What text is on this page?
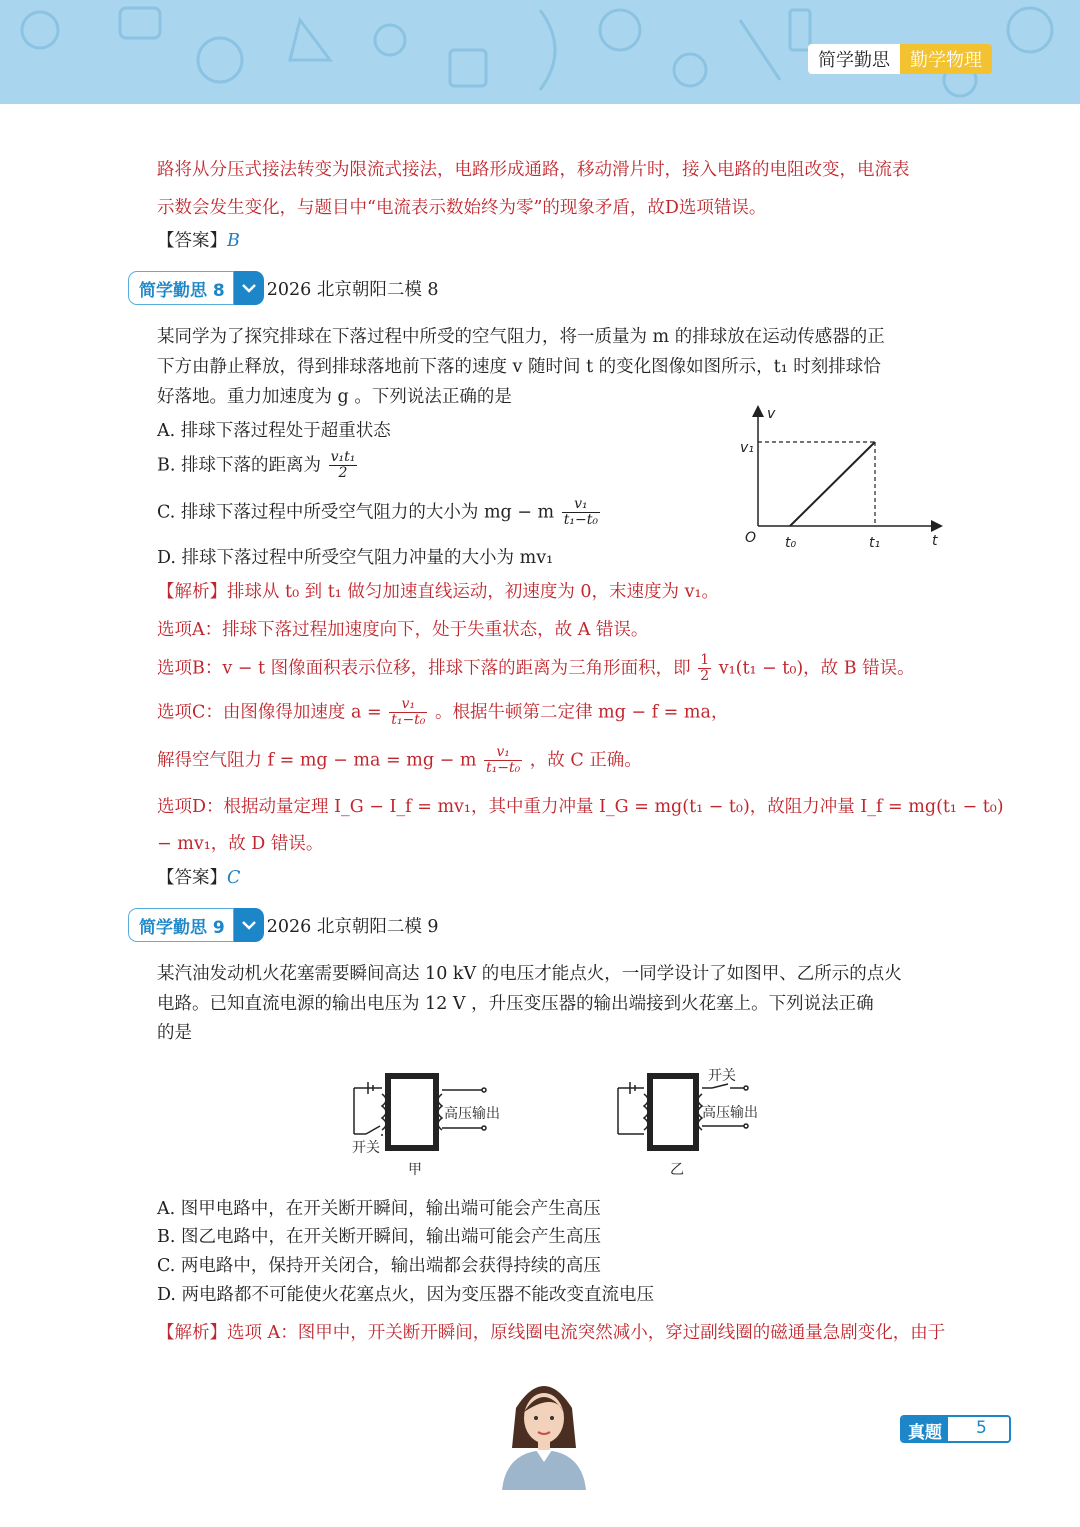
简学勤思	勤学物理
路将从分压式接法转变为限流式接法，电路形成通路，移动滑片时，接入电路的电阻改变，电流表
示数会发生变化，与题目中“电流表示数始终为零”的现象矛盾，故D选项错误。
【答案】B
简学勤思 8	2026 北京朝阳二模 8
某同学为了探究排球在下落过程中所受的空气阻力，将一质量为 m 的排球放在运动传感器的正
下方由静止释放，得到排球落地前下落的速度 v 随时间 t 的变化图像如图所示，t₁ 时刻排球恰
好落地。重力加速度为 g 。下列说法正确的是
A. 排球下落过程处于超重状态
B. 排球下落的距离为 $\frac{\text{v₁t₁}}{2}$
C. 排球下落过程中所受空气阻力的大小为 mg − m $\frac{\text{v₁}}{\text{t₁−t₀}}$
D. 排球下落过程中所受空气阻力冲量的大小为 mv₁
v
t
v₁
O t₀	t₁
【解析】排球从 t₀ 到 t₁ 做匀加速直线运动，初速度为 0，末速度为 v₁。
选项A：排球下落过程加速度向下，处于失重状态，故 A 错误。
选项B：v − t 图像面积表示位移，排球下落的距离为三角形面积，即 $\frac{1}{2} v_1(t_1 - t_0)$，故 B 错误。
选项C：由图像得加速度 $a = \frac{\text{v₁}}{\text{t₁−t₀}}$ 。根据牛顿第二定律 mg − f = ma，
解得空气阻力 f = mg − ma = mg − m $\frac{\text{v₁}}{\text{t₁−t₀}}$ ，故 C 正确。
选项D：根据动量定理 I_G − I_f = mv₁，其中重力冲量 I_G = mg(t₁ − t₀)，故阻力冲量 I_f = mg(t₁ − t₀)
− mv₁，故 D 错误。
【答案】C
简学勤思 9	2026 北京朝阳二模 9
某汽油发动机火花塞需要瞬间高达 10 kV 的电压才能点火，一同学设计了如图甲、乙所示的点火
电路。已知直流电源的输出电压为 12 V ，升压变压器的输出端接到火花塞上。下列说法正确
的是
高压输出
开关
甲
开关
高压输出
乙
A. 图甲电路中，在开关断开瞬间，输出端可能会产生高压
B. 图乙电路中，在开关断开瞬间，输出端可能会产生高压
C. 两电路中，保持开关闭合，输出端都会获得持续的高压
D. 两电路都不可能使火花塞点火，因为变压器不能改变直流电压
【解析】选项 A：图甲中，开关断开瞬间，原线圈电流突然减小，穿过副线圈的磁通量急剧变化，由于
真题	5
